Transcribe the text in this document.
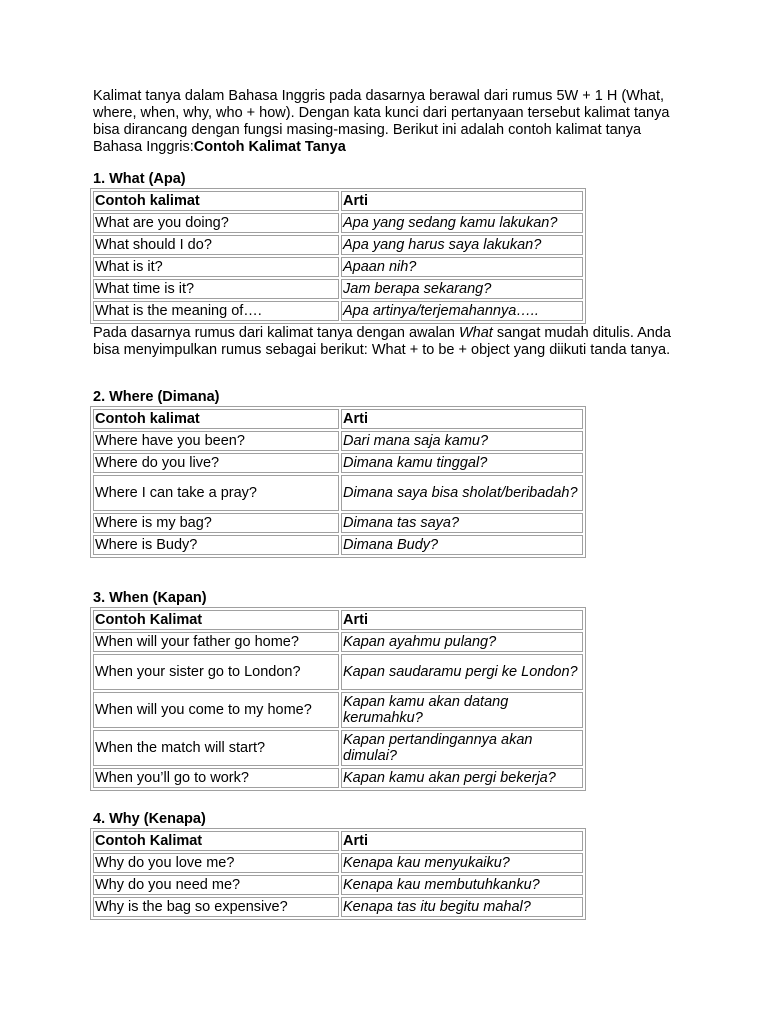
Kalimat tanya dalam Bahasa Inggris pada dasarnya berawal dari rumus 5W + 1 H (What, where, when, why, who + how). Dengan kata kunci dari pertanyaan tersebut kalimat tanya bisa dirancang dengan fungsi masing-masing. Berikut ini adalah contoh kalimat tanya Bahasa Inggris:Contoh Kalimat Tanya

1. What (Apa)
Contoh kalimat	Arti
What are you doing?	Apa yang sedang kamu lakukan?
What should I do?	Apa yang harus saya lakukan?
What is it?	Apaan nih?
What time is it?	Jam berapa sekarang?
What is the meaning of….	Apa artinya/terjemahannya…..

Pada dasarnya rumus dari kalimat tanya dengan awalan What sangat mudah ditulis. Anda bisa menyimpulkan rumus sebagai berikut: What + to be + object yang diikuti tanda tanya.

2. Where (Dimana)
Contoh kalimat	Arti
Where have you been?	Dari mana saja kamu?
Where do you live?	Dimana kamu tinggal?
Where I can take a pray?	Dimana saya bisa sholat/beribadah?
Where is my bag?	Dimana tas saya?
Where is Budy?	Dimana Budy?
3. When (Kapan)
Contoh Kalimat	Arti
When will your father go home?	Kapan ayahmu pulang?
When your sister go to London?	Kapan saudaramu pergi ke London?
When will you come to my home?	Kapan kamu akan datang kerumahku?
When the match will start?	Kapan pertandingannya akan dimulai?
When you’ll go to work?	Kapan kamu akan pergi bekerja?
4. Why (Kenapa)
Contoh Kalimat	Arti
Why do you love me?	Kenapa kau menyukaiku?
Why do you need me?	Kenapa kau membutuhkanku?
Why is the bag so expensive?	Kenapa tas itu begitu mahal?
